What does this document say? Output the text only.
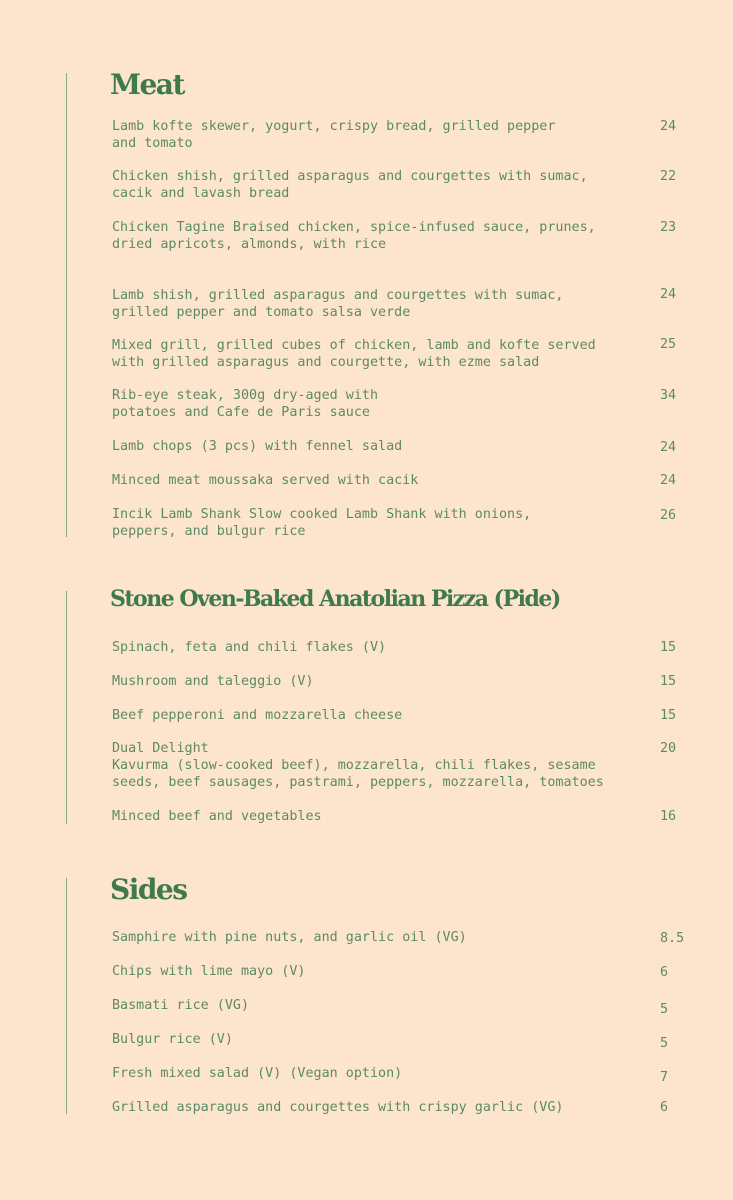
Meat
Lamb kofte skewer, yogurt, crispy bread, grilled pepper
and tomato
24
Chicken shish, grilled asparagus and courgettes with sumac,
cacik and lavash bread
22
Chicken Tagine Braised chicken, spice-infused sauce, prunes,
dried apricots, almonds, with rice
23
Lamb shish, grilled asparagus and courgettes with sumac,
grilled pepper and tomato salsa verde
24
Mixed grill, grilled cubes of chicken, lamb and kofte served
with grilled asparagus and courgette, with ezme salad
25
Rib-eye steak, 300g dry-aged with
potatoes and Cafe de Paris sauce
34
Lamb chops (3 pcs) with fennel salad	24
Minced meat moussaka served with cacik	24
Incik Lamb Shank Slow cooked Lamb Shank with onions,
peppers, and bulgur rice
26
Stone Oven-Baked Anatolian Pizza (Pide)
Spinach, feta and chili flakes (V)	15
Mushroom and taleggio (V)	15
Beef pepperoni and mozzarella cheese	15
Dual Delight
Kavurma (slow-cooked beef), mozzarella, chili flakes, sesame
seeds, beef sausages, pastrami, peppers, mozzarella, tomatoes
20
Minced beef and vegetables	16
Sides
Samphire with pine nuts, and garlic oil (VG)	8.5
Chips with lime mayo (V)	6
Basmati rice (VG)	5
Bulgur rice (V)	5
Fresh mixed salad (V) (Vegan option)	7
Grilled asparagus and courgettes with crispy garlic (VG)	6
